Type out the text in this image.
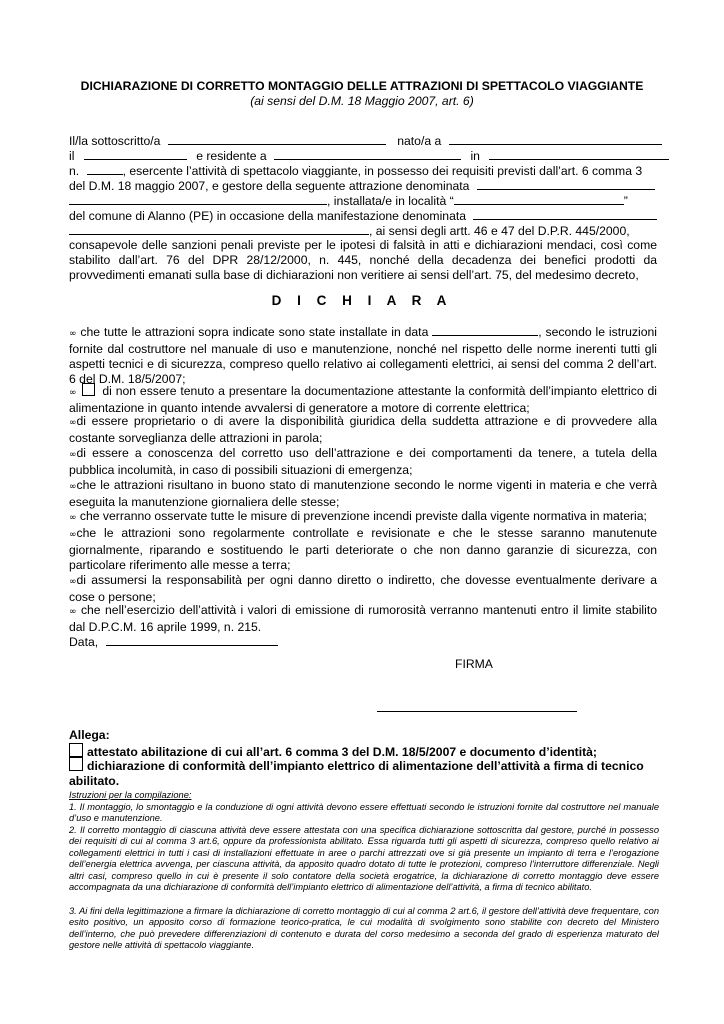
DICHIARAZIONE DI CORRETTO MONTAGGIO DELLE ATTRAZIONI DI SPETTACOLO VIAGGIANTE
(ai sensi del D.M. 18 Maggio 2007, art. 6)
Il/la sottoscritto/a	nato/a a
il	e residente a	in
n.	, esercente l’attività di spettacolo viaggiante, in possesso dei requisiti previsti dall’art. 6 comma 3
del D.M. 18 maggio 2007, e gestore della seguente attrazione denominata
, installata/e in località “	”
del comune di Alanno (PE) in occasione della manifestazione denominata
, ai sensi degli artt. 46 e 47 del D.P.R. 445/2000,
consapevole delle sanzioni penali previste per le ipotesi di falsità in atti e dichiarazioni mendaci, così come
stabilito dall’art. 76 del DPR 28/12/2000, n. 445, nonché della decadenza dei benefici prodotti da
provvedimenti emanati sulla base di dichiarazioni non veritiere ai sensi dell’art. 75, del medesimo decreto,
D I C H I A R A
∞ che tutte le attrazioni sopra indicate sono state installate in data	, secondo le istruzioni fornite dal costruttore nel manuale di uso e manutenzione, nonché nel rispetto delle norme inerenti tutti gli aspetti tecnici e di sicurezza, compreso quello relativo ai collegamenti elettrici, ai sensi del comma 2 dell’art. 6 del D.M. 18/5/2007;
∞ di non essere tenuto a presentare la documentazione attestante la conformità dell’impianto elettrico di alimentazione in quanto intende avvalersi di generatore a motore di corrente elettrica;
∞di essere proprietario o di avere la disponibilità giuridica della suddetta attrazione e di provvedere alla costante sorveglianza delle attrazioni in parola;
∞di essere a conoscenza del corretto uso dell’attrazione e dei comportamenti da tenere, a tutela della pubblica incolumità, in caso di possibili situazioni di emergenza;
∞che le attrazioni risultano in buono stato di manutenzione secondo le norme vigenti in materia e che verrà eseguita la manutenzione giornaliera delle stesse;
∞ che verranno osservate tutte le misure di prevenzione incendi previste dalla vigente normativa in materia;
∞che le attrazioni sono regolarmente controllate e revisionate e che le stesse saranno manutenute giornalmente, riparando e sostituendo le parti deteriorate o che non danno garanzie di sicurezza, con particolare riferimento alle messe a terra;
∞di assumersi la responsabilità per ogni danno diretto o indiretto, che dovesse eventualmente derivare a cose o persone;
∞ che nell’esercizio dell’attività i valori di emissione di rumorosità verranno mantenuti entro il limite stabilito dal D.P.C.M. 16 aprile 1999, n. 215.
Data,
FIRMA
Allega:
attestato abilitazione di cui all’art. 6 comma 3 del D.M. 18/5/2007 e documento d’identità;
dichiarazione di conformità dell’impianto elettrico di alimentazione dell’attività a firma di tecnico abilitato.
Istruzioni per la compilazione:
1. Il montaggio, lo smontaggio e la conduzione di ogni attività devono essere effettuati secondo le istruzioni fornite dal costruttore nel manuale d’uso e manutenzione.
2. Il corretto montaggio di ciascuna attività deve essere attestata con una specifica dichiarazione sottoscritta dal gestore, purché in possesso dei requisiti di cui al comma 3 art.6, oppure da professionista abilitato. Essa riguarda tutti gli aspetti di sicurezza, compreso quello relativo ai collegamenti elettrici in tutti i casi di installazioni effettuate in aree o parchi attrezzati ove si già presente un impianto di terra e l’erogazione dell’energia elettrica avvenga, per ciascuna attività, da apposito quadro dotato di tutte le protezioni, compreso l’interruttore differenziale. Negli altri casi, compreso quello in cui è presente il solo contatore della società erogatrice, la dichiarazione di corretto montaggio deve essere accompagnata da una dichiarazione di conformità dell’impianto elettrico di alimentazione dell’attività, a firma di tecnico abilitato.
3. Ai fini della legittimazione a firmare la dichiarazione di corretto montaggio di cui al comma 2 art.6, il gestore dell’attività deve frequentare, con esito positivo, un apposito corso di formazione teorico-pratica, le cui modalità di svolgimento sono stabilite con decreto del Ministero dell’interno, che può prevedere differenziazioni di contenuto e durata del corso medesimo a seconda del grado di esperienza maturato del gestore nelle attività di spettacolo viaggiante.
